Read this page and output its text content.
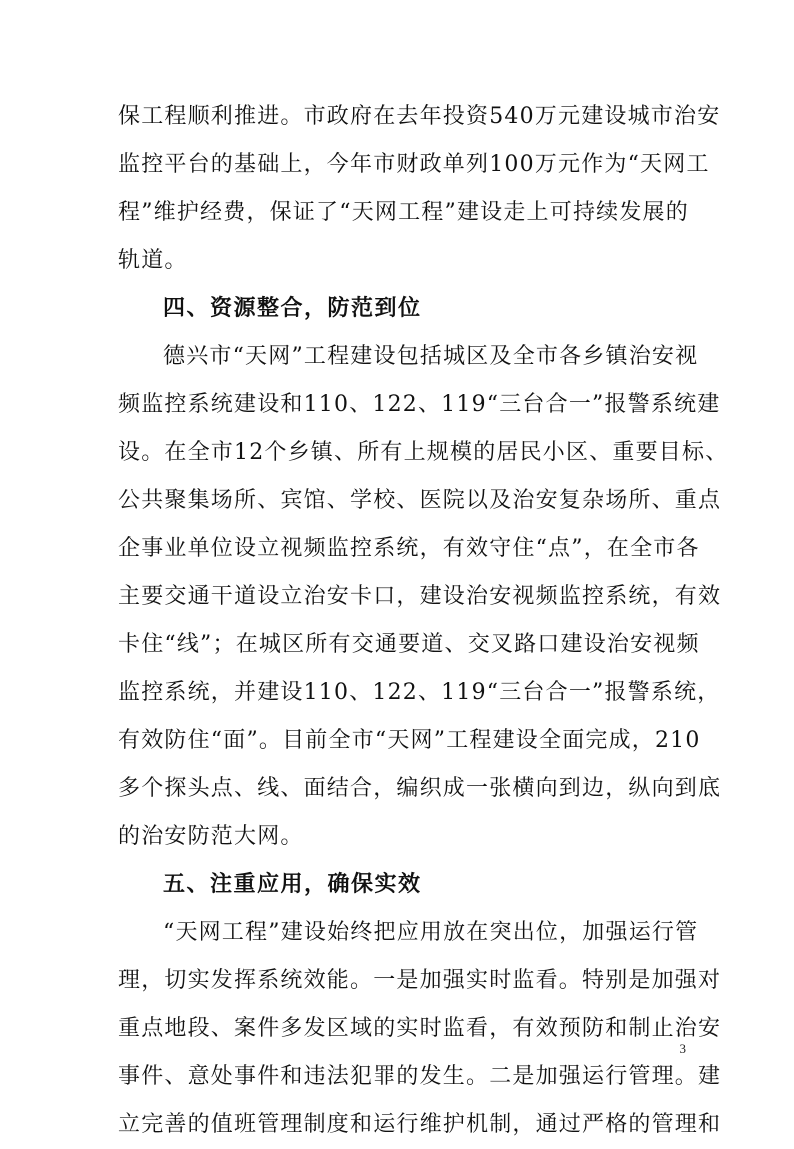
保工程顺利推进。市政府在去年投资540万元建设城市治安
监控平台的基础上，今年市财政单列100万元作为“天网工
程”维护经费，保证了“天网工程”建设走上可持续发展的
轨道。
四、资源整合，防范到位
德兴市“天网”工程建设包括城区及全市各乡镇治安视
频监控系统建设和110、122、119“三台合一”报警系统建
设。在全市12个乡镇、所有上规模的居民小区、重要目标、
公共聚集场所、宾馆、学校、医院以及治安复杂场所、重点
企事业单位设立视频监控系统，有效守住“点”，在全市各
主要交通干道设立治安卡口，建设治安视频监控系统，有效
卡住“线”；在城区所有交通要道、交叉路口建设治安视频
监控系统，并建设110、122、119“三台合一”报警系统，
有效防住“面”。目前全市“天网”工程建设全面完成，210
多个探头点、线、面结合，编织成一张横向到边，纵向到底
的治安防范大网。
五、注重应用，确保实效
“天网工程”建设始终把应用放在突出位，加强运行管
理，切实发挥系统效能。一是加强实时监看。特别是加强对
重点地段、案件多发区域的实时监看，有效预防和制止治安
事件、意处事件和违法犯罪的发生。二是加强运行管理。建
立完善的值班管理制度和运行维护机制，通过严格的管理和
3
